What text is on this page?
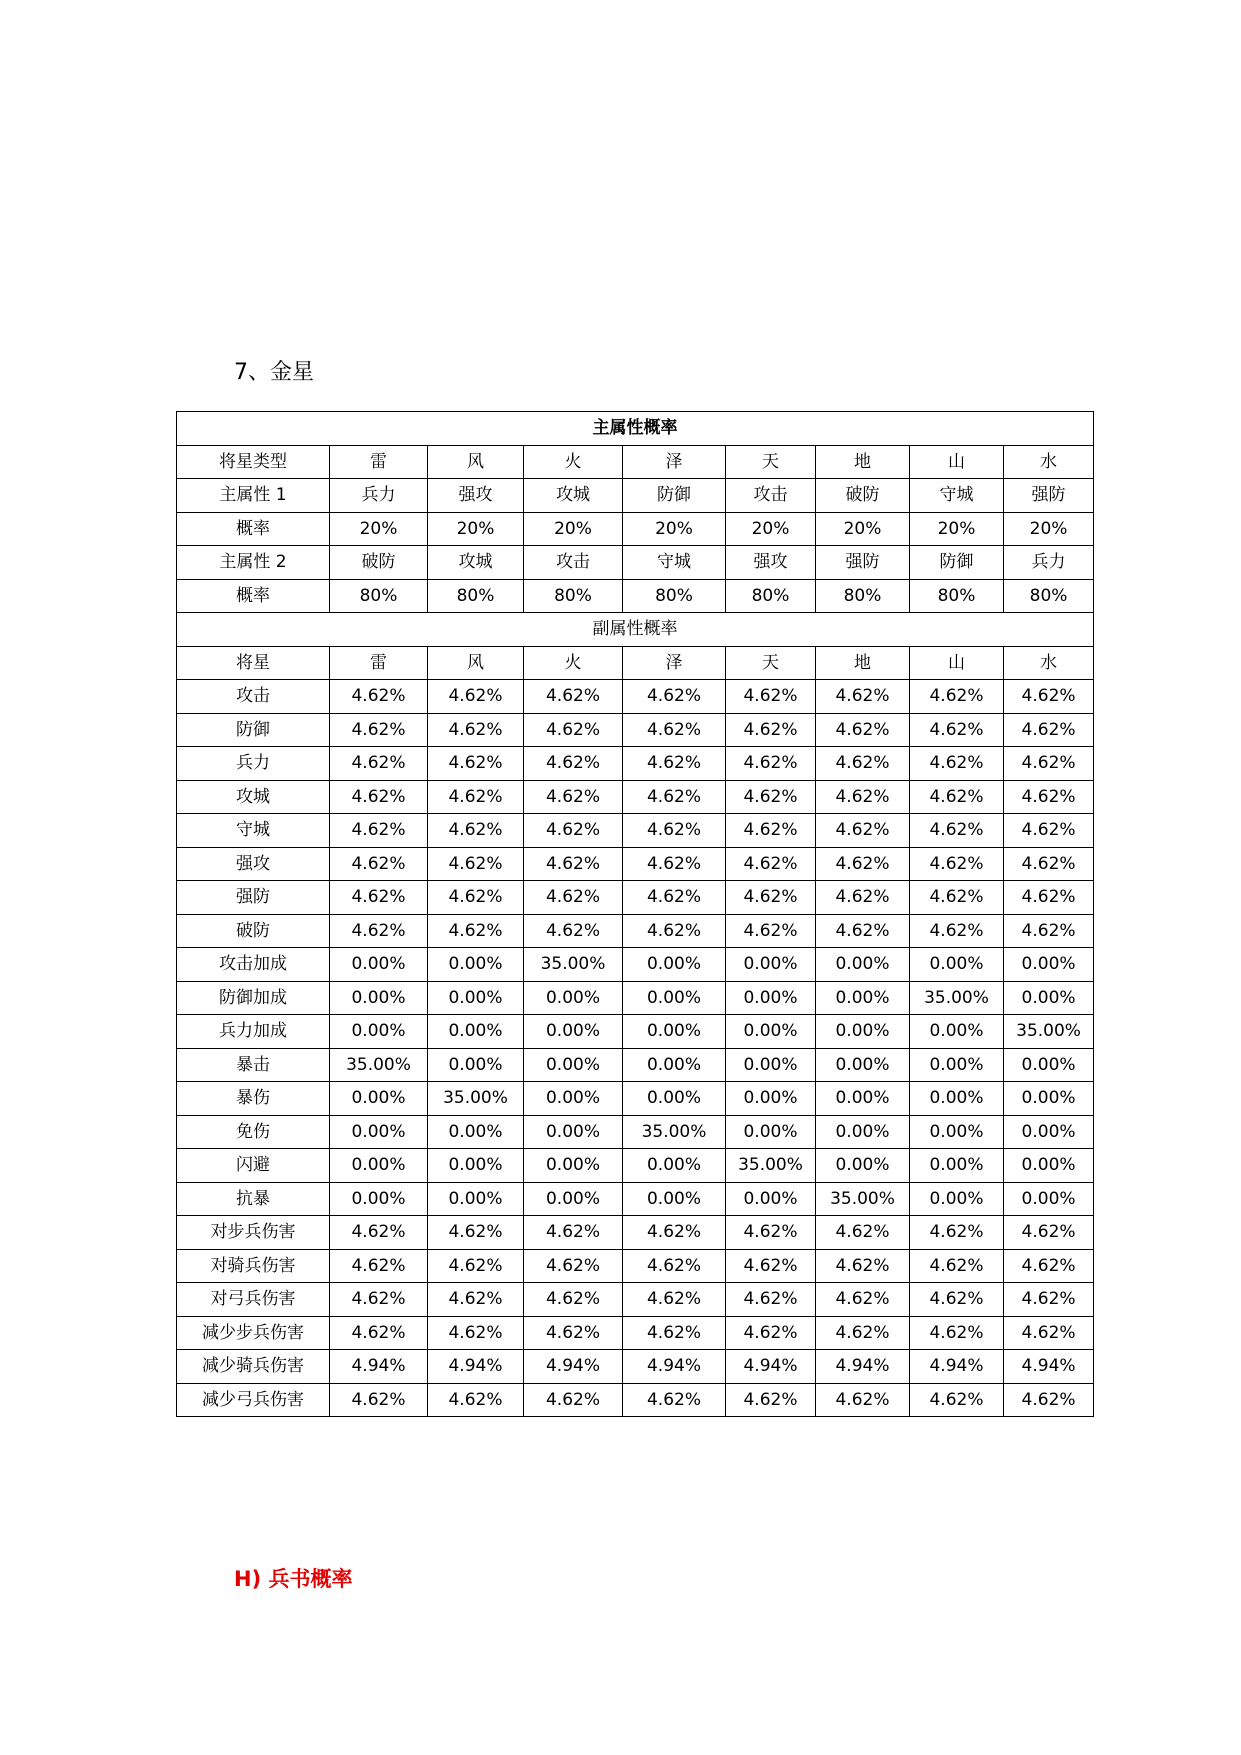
7、金星
主属性概率								
将星类型	雷	风	火	泽	天	地	山	水
主属性 1	兵力	强攻	攻城	防御	攻击	破防	守城	强防
概率	20%	20%	20%	20%	20%	20%	20%	20%
主属性 2	破防	攻城	攻击	守城	强攻	强防	防御	兵力
概率	80%	80%	80%	80%	80%	80%	80%	80%
副属性概率								
将星	雷	风	火	泽	天	地	山	水
攻击	4.62%	4.62%	4.62%	4.62%	4.62%	4.62%	4.62%	4.62%
防御	4.62%	4.62%	4.62%	4.62%	4.62%	4.62%	4.62%	4.62%
兵力	4.62%	4.62%	4.62%	4.62%	4.62%	4.62%	4.62%	4.62%
攻城	4.62%	4.62%	4.62%	4.62%	4.62%	4.62%	4.62%	4.62%
守城	4.62%	4.62%	4.62%	4.62%	4.62%	4.62%	4.62%	4.62%
强攻	4.62%	4.62%	4.62%	4.62%	4.62%	4.62%	4.62%	4.62%
强防	4.62%	4.62%	4.62%	4.62%	4.62%	4.62%	4.62%	4.62%
破防	4.62%	4.62%	4.62%	4.62%	4.62%	4.62%	4.62%	4.62%
攻击加成	0.00%	0.00%	35.00%	0.00%	0.00%	0.00%	0.00%	0.00%
防御加成	0.00%	0.00%	0.00%	0.00%	0.00%	0.00%	35.00%	0.00%
兵力加成	0.00%	0.00%	0.00%	0.00%	0.00%	0.00%	0.00%	35.00%
暴击	35.00%	0.00%	0.00%	0.00%	0.00%	0.00%	0.00%	0.00%
暴伤	0.00%	35.00%	0.00%	0.00%	0.00%	0.00%	0.00%	0.00%
免伤	0.00%	0.00%	0.00%	35.00%	0.00%	0.00%	0.00%	0.00%
闪避	0.00%	0.00%	0.00%	0.00%	35.00%	0.00%	0.00%	0.00%
抗暴	0.00%	0.00%	0.00%	0.00%	0.00%	35.00%	0.00%	0.00%
对步兵伤害	4.62%	4.62%	4.62%	4.62%	4.62%	4.62%	4.62%	4.62%
对骑兵伤害	4.62%	4.62%	4.62%	4.62%	4.62%	4.62%	4.62%	4.62%
对弓兵伤害	4.62%	4.62%	4.62%	4.62%	4.62%	4.62%	4.62%	4.62%
减少步兵伤害	4.62%	4.62%	4.62%	4.62%	4.62%	4.62%	4.62%	4.62%
减少骑兵伤害	4.94%	4.94%	4.94%	4.94%	4.94%	4.94%	4.94%	4.94%
减少弓兵伤害	4.62%	4.62%	4.62%	4.62%	4.62%	4.62%	4.62%	4.62%
H) 兵书概率
